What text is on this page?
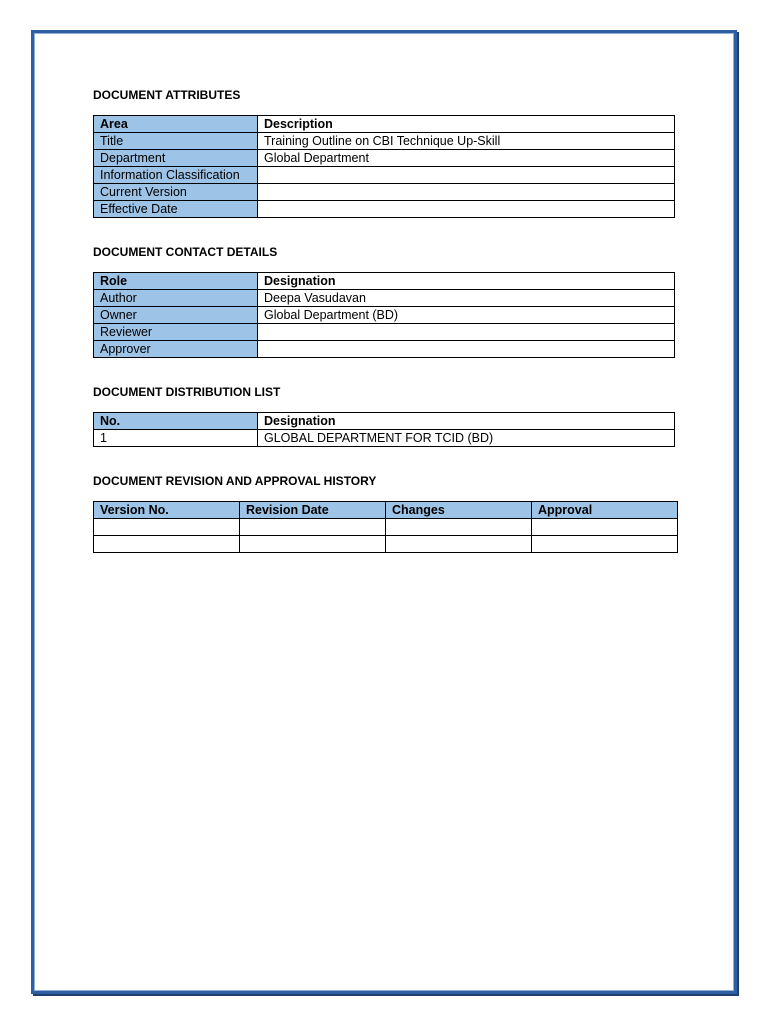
DOCUMENT ATTRIBUTES
Area	Description
Title	Training Outline on CBI Technique Up-Skill
Department	Global Department
Information Classification	
Current Version	
Effective Date	
DOCUMENT CONTACT DETAILS
Role	Designation
Author	Deepa Vasudavan
Owner	Global Department (BD)
Reviewer	
Approver	
DOCUMENT DISTRIBUTION LIST
No.	Designation
1	GLOBAL DEPARTMENT FOR TCID (BD)
DOCUMENT REVISION AND APPROVAL HISTORY
Version No.	Revision Date	Changes	Approval
